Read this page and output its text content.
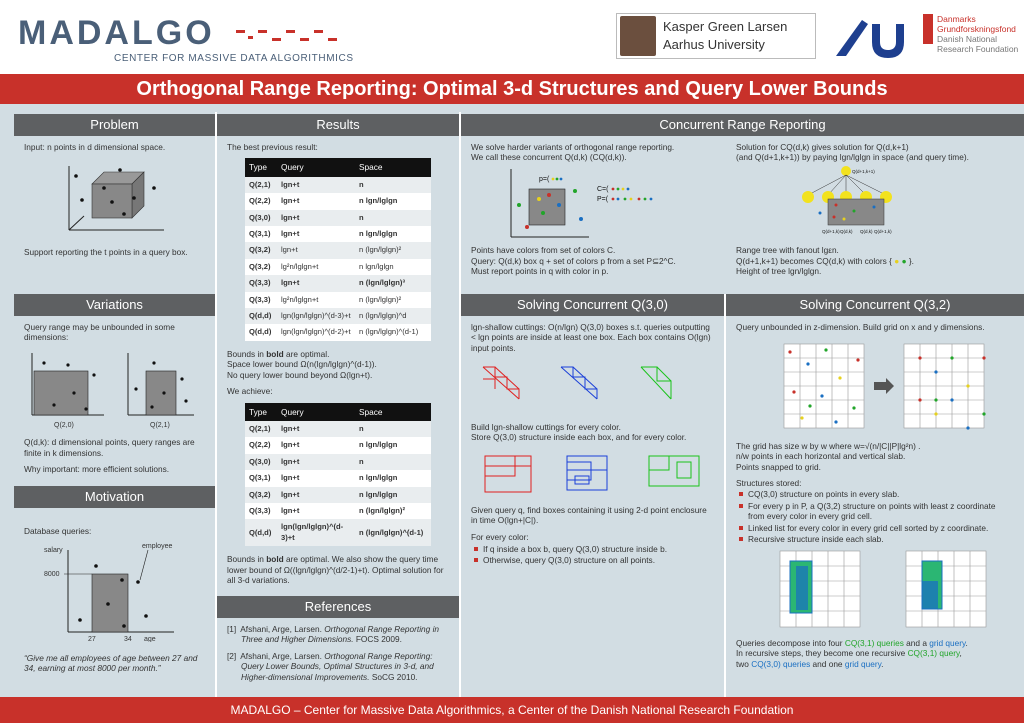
MADALGO
CENTER FOR MASSIVE DATA ALGORITHMICS
Kasper Green Larsen
Aarhus University
Danmarks
Grundforskningsfond
Danish National
Research Foundation
Orthogonal Range Reporting: Optimal 3-d Structures and Query Lower Bounds
Problem

Input: n points in d dimensional space.

Support reporting the t points in a query box.

Variations

Query range may be unbounded in some dimensions:

Q(2,0)	Q(2,1)

Q(d,k): d dimensional points, query ranges are finite in k dimensions.

Why important: more efficient solutions.

Motivation

Database queries:

salary
employee
8000
27	34 age

“Give me all employees of age between 27 and 34, earning at most 8000 per month.”

Results

The best previous result:

Type	Query	Space
Q(2,1)	lgn+t	n
Q(2,2)	lgn+t	n lgn/lglgn
Q(3,0)	lgn+t	n
Q(3,1)	lgn+t	n lgn/lglgn
Q(3,2)	lgn+t	n (lgn/lglgn)²
Q(3,2)	lg²n/lglgn+t	n lgn/lglgn
Q(3,3)	lgn+t	n (lgn/lglgn)³
Q(3,3)	lg²n/lglgn+t	n (lgn/lglgn)²
Q(d,d)	lgn(lgn/lglgn)^(d-3)+t	n (lgn/lglgn)^d
Q(d,d)	lgn(lgn/lglgn)^(d-2)+t	n (lgn/lglgn)^(d-1)

Bounds in bold are optimal.
Space lower bound Ω(n(lgn/lglgn)^(d-1)).
No query lower bound beyond Ω(lgn+t).

We achieve:

Type	Query	Space
Q(2,1)	lgn+t	n
Q(2,2)	lgn+t	n lgn/lglgn
Q(3,0)	lgn+t	n
Q(3,1)	lgn+t	n lgn/lglgn
Q(3,2)	lgn+t	n lgn/lglgn
Q(3,3)	lgn+t	n (lgn/lglgn)²
Q(d,d)	lgn(lgn/lglgn)^(d-3)+t	n (lgn/lglgn)^(d-1)

Bounds in bold are optimal. We also show the query time lower bound of Ω((lgn/lglgn)^(d/2-1)+t). Optimal solution for all 3-d variations.

References

[1] Afshani, Arge, Larsen. Orthogonal Range Reporting in Three and Higher Dimensions. FOCS 2009.

[2] Afshani, Arge, Larsen. Orthogonal Range Reporting: Query Lower Bounds, Optimal Structures in 3-d, and Higher-dimensional Improvements. SoCG 2010.

Concurrent Range Reporting

We solve harder variants of orthogonal range reporting.
We call these concurrent Q(d,k) (CQ(d,k)).

p=(
C=(
P=(

Points have colors from set of colors C.
Query: Q(d,k) box q + set of colors p from a set P⊆2^C.
Must report points in q with color in p.

Solution for CQ(d,k) gives solution for Q(d,k+1)
(and Q(d+1,k+1)) by paying lgn/lglgn in space (and query time).

Q(d+1,k+1)
Q(d+1,k) Q(d,k) Q(d,k) Q(d+1,k)

Range tree with fanout lgεn.
Q(d+1,k+1) becomes CQ(d,k) with colors { ● ● }.
Height of tree lgn/lglgn.

Solving Concurrent Q(3,0)

lgn-shallow cuttings: O(n/lgn) Q(3,0) boxes s.t. queries outputting < lgn points are inside at least one box. Each box contains O(lgn) input points.

Build lgn-shallow cuttings for every color.
Store Q(3,0) structure inside each box, and for every color.

Given query q, find boxes containing it using 2-d point enclosure in time O(lgn+|C|).

For every color:

If q inside a box b, query Q(3,0) structure inside b.
Otherwise, query Q(3,0) structure on all points.
Solving Concurrent Q(3,2)

Query unbounded in z-dimension. Build grid on x and y dimensions.

The grid has size w by w where w=√(n/|C||P|lg²n) .
n/w points in each horizontal and vertical slab.
Points snapped to grid.

Structures stored:

CQ(3,0) structure on points in every slab.
For every p in P, a Q(3,2) structure on points with least z coordinate from every color in every grid cell.
Linked list for every color in every grid cell sorted by z coordinate.
Recursive structure inside each slab.

Queries decompose into four CQ(3,1) queries and a grid query.
In recursive steps, they become one recursive CQ(3,1) query,
two CQ(3,0) queries and one grid query.

MADALGO – Center for Massive Data Algorithmics, a Center of the Danish National Research Foundation
